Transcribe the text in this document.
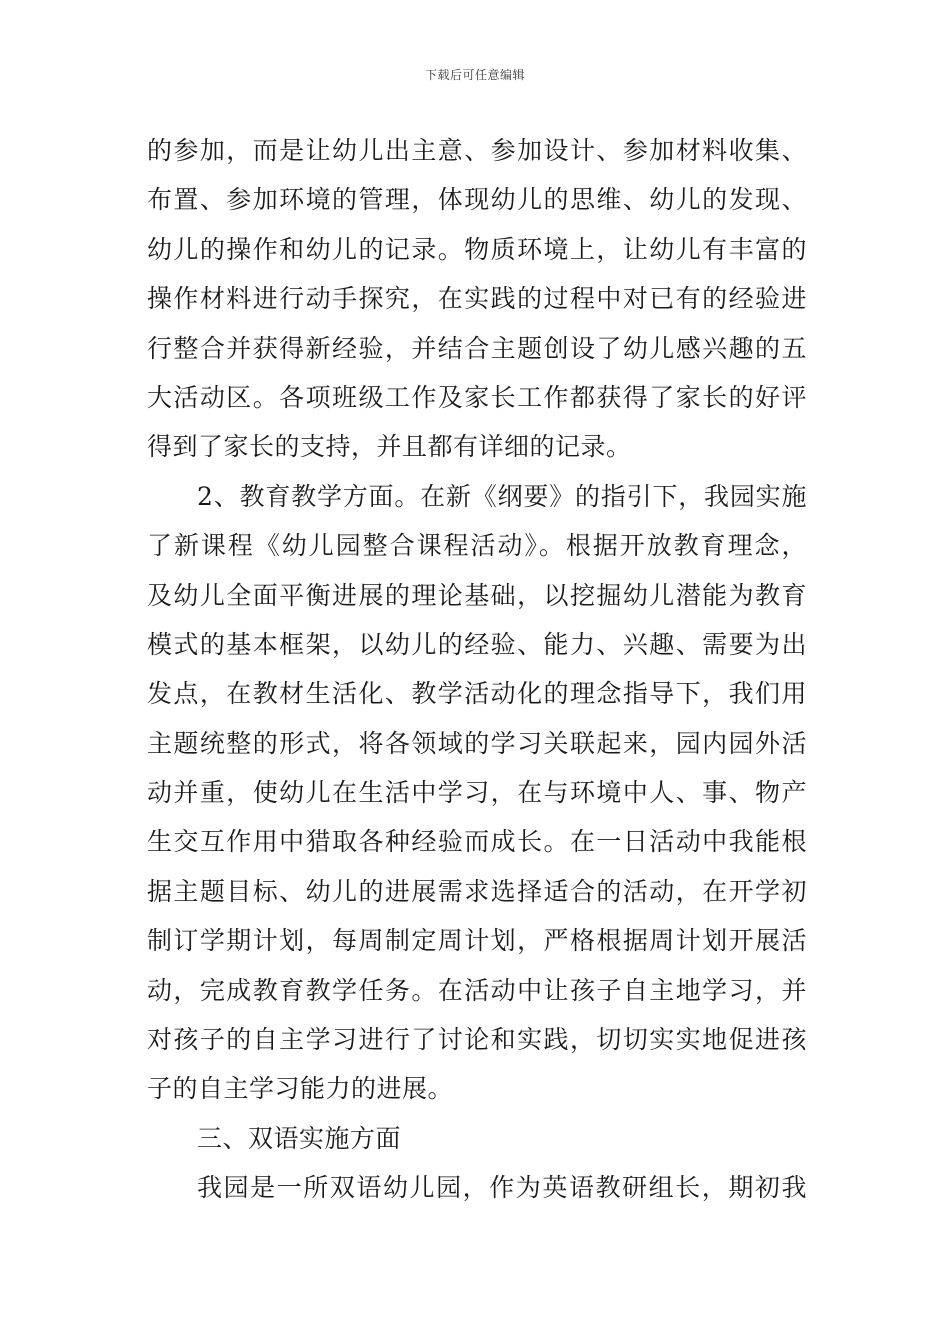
下载后可任意编辑
的参加，而是让幼儿出主意、参加设计、参加材料收集、
布置、参加环境的管理，体现幼儿的思维、幼儿的发现、
幼儿的操作和幼儿的记录。物质环境上，让幼儿有丰富的
操作材料进行动手探究，在实践的过程中对已有的经验进
行整合并获得新经验，并结合主题创设了幼儿感兴趣的五
大活动区。各项班级工作及家长工作都获得了家长的好评
得到了家长的支持，并且都有详细的记录。
2、教育教学方面。在新《纲要》的指引下，我园实施
了新课程《幼儿园整合课程活动》。根据开放教育理念，
及幼儿全面平衡进展的理论基础，以挖掘幼儿潜能为教育
模式的基本框架，以幼儿的经验、能力、兴趣、需要为出
发点，在教材生活化、教学活动化的理念指导下，我们用
主题统整的形式，将各领域的学习关联起来，园内园外活
动并重，使幼儿在生活中学习，在与环境中人、事、物产
生交互作用中猎取各种经验而成长。在一日活动中我能根
据主题目标、幼儿的进展需求选择适合的活动，在开学初
制订学期计划，每周制定周计划，严格根据周计划开展活
动，完成教育教学任务。在活动中让孩子自主地学习，并
对孩子的自主学习进行了讨论和实践，切切实实地促进孩
子的自主学习能力的进展。
三、双语实施方面
我园是一所双语幼儿园，作为英语教研组长，期初我
